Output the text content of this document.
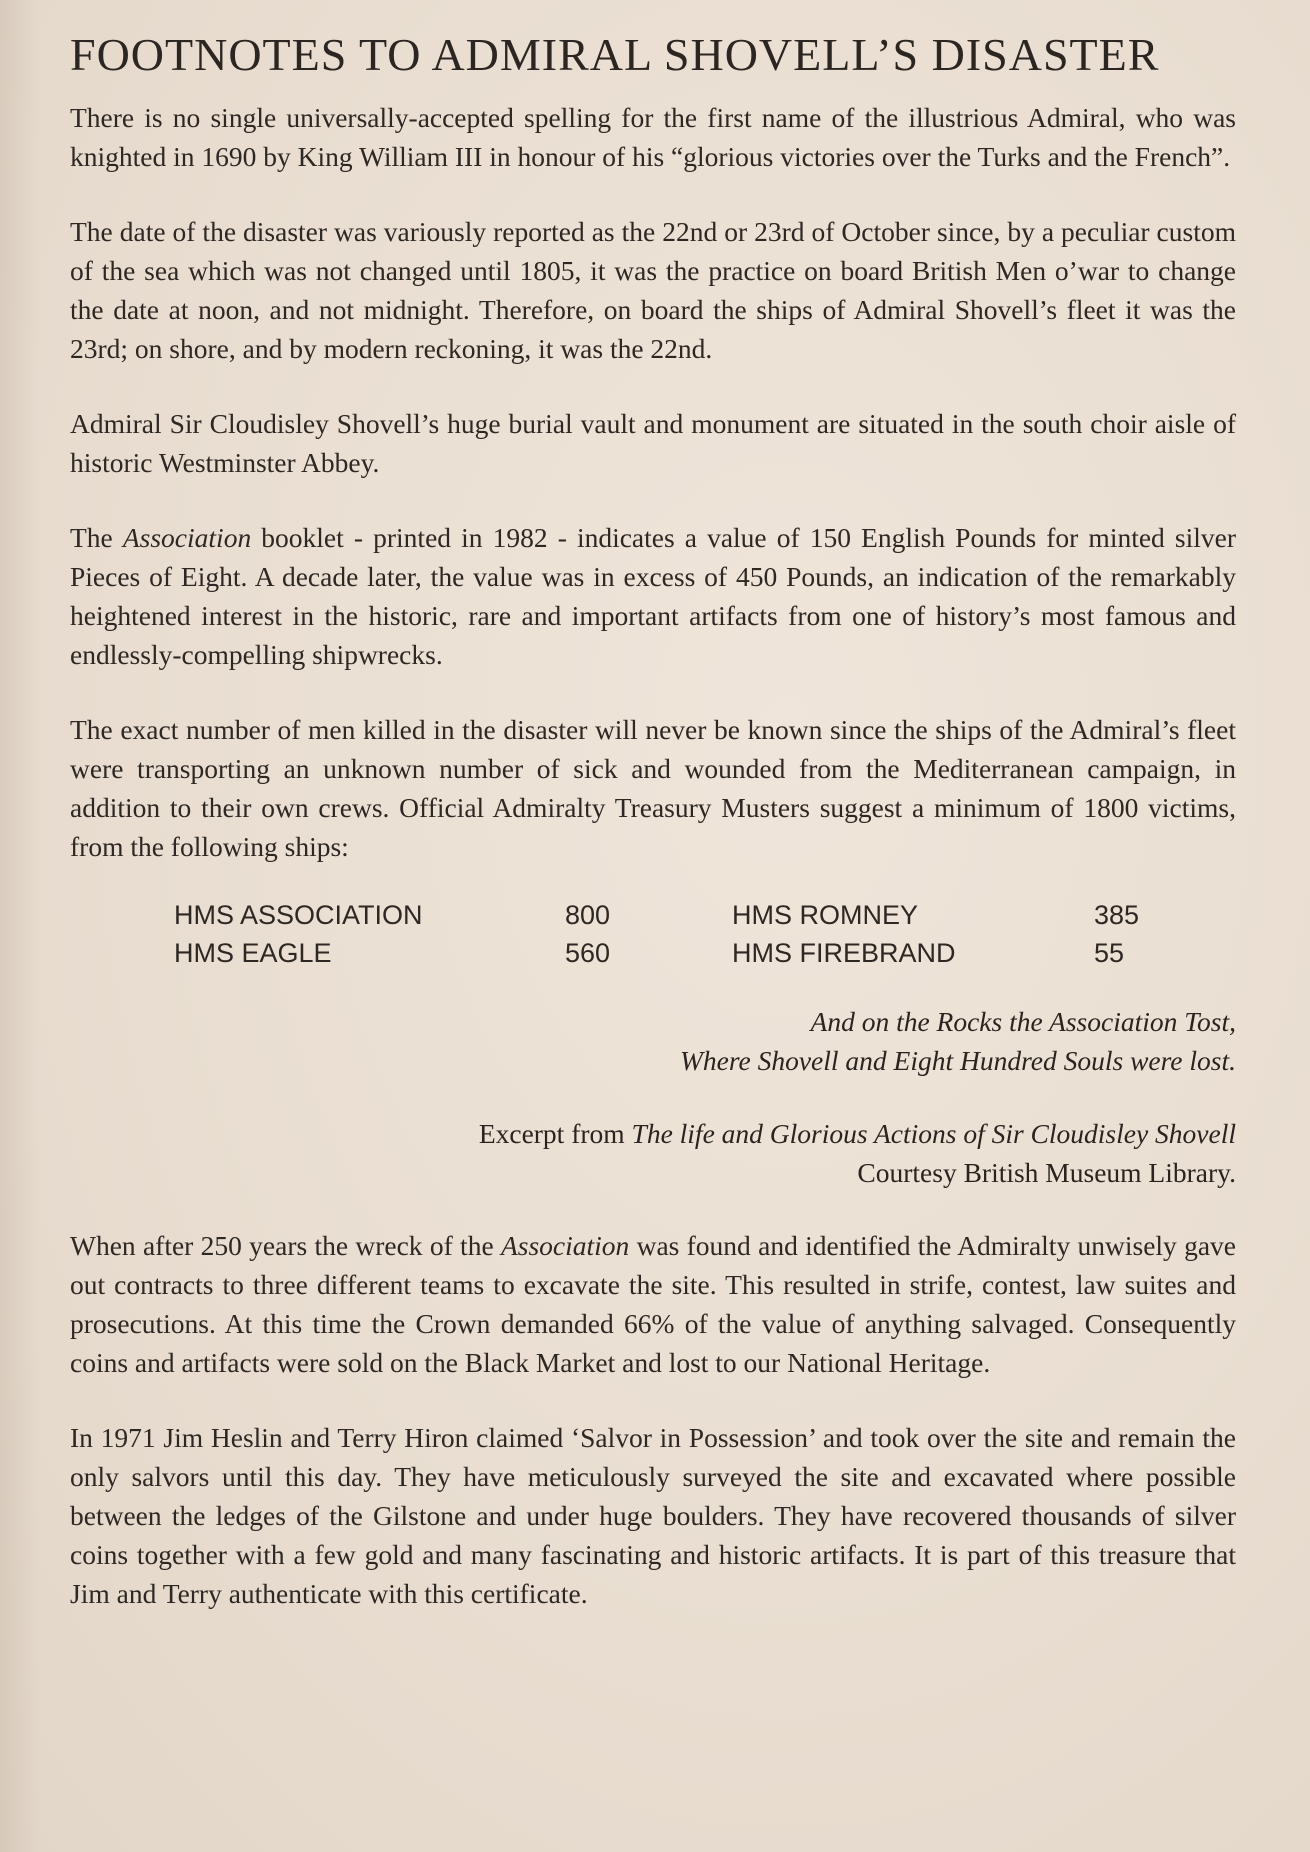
FOOTNOTES TO ADMIRAL SHOVELL’S DISASTER

There is no single universally-accepted spelling for the first name of the illustrious Admiral, who was knighted in 1690 by King William III in honour of his “glorious victories over the Turks and the French”.

The date of the disaster was variously reported as the 22nd or 23rd of October since, by a peculiar custom of the sea which was not changed until 1805, it was the practice on board British Men o’war to change the date at noon, and not midnight. Therefore, on board the ships of Admiral Shovell’s fleet it was the 23rd; on shore, and by modern reckoning, it was the 22nd.

Admiral Sir Cloudisley Shovell’s huge burial vault and monument are situated in the south choir aisle of historic Westminster Abbey.

The Association booklet - printed in 1982 - indicates a value of 150 English Pounds for minted silver Pieces of Eight. A decade later, the value was in excess of 450 Pounds, an indication of the remarkably heightened interest in the historic, rare and important artifacts from one of history’s most famous and endlessly-compelling shipwrecks.

The exact number of men killed in the disaster will never be known since the ships of the Admiral’s fleet were transporting an unknown number of sick and wounded from the Mediterranean campaign, in addition to their own crews. Official Admiralty Treasury Musters suggest a minimum of 1800 victims, from the following ships:

HMS ASSOCIATION	800	HMS ROMNEY	385
HMS EAGLE	560	HMS FIREBRAND	55
And on the Rocks the Association Tost,
Where Shovell and Eight Hundred Souls were lost.
Excerpt from The life and Glorious Actions of Sir Cloudisley Shovell
Courtesy British Museum Library.

When after 250 years the wreck of the Association was found and identified the Admiralty unwisely gave out contracts to three different teams to excavate the site. This resulted in strife, contest, law suites and prosecutions. At this time the Crown demanded 66% of the value of anything salvaged. Consequently coins and artifacts were sold on the Black Market and lost to our National Heritage.

In 1971 Jim Heslin and Terry Hiron claimed ‘Salvor in Possession’ and took over the site and remain the only salvors until this day. They have meticulously surveyed the site and excavated where possible between the ledges of the Gilstone and under huge boulders. They have recovered thousands of silver coins together with a few gold and many fascinating and historic artifacts. It is part of this treasure that Jim and Terry authenticate with this certificate.
